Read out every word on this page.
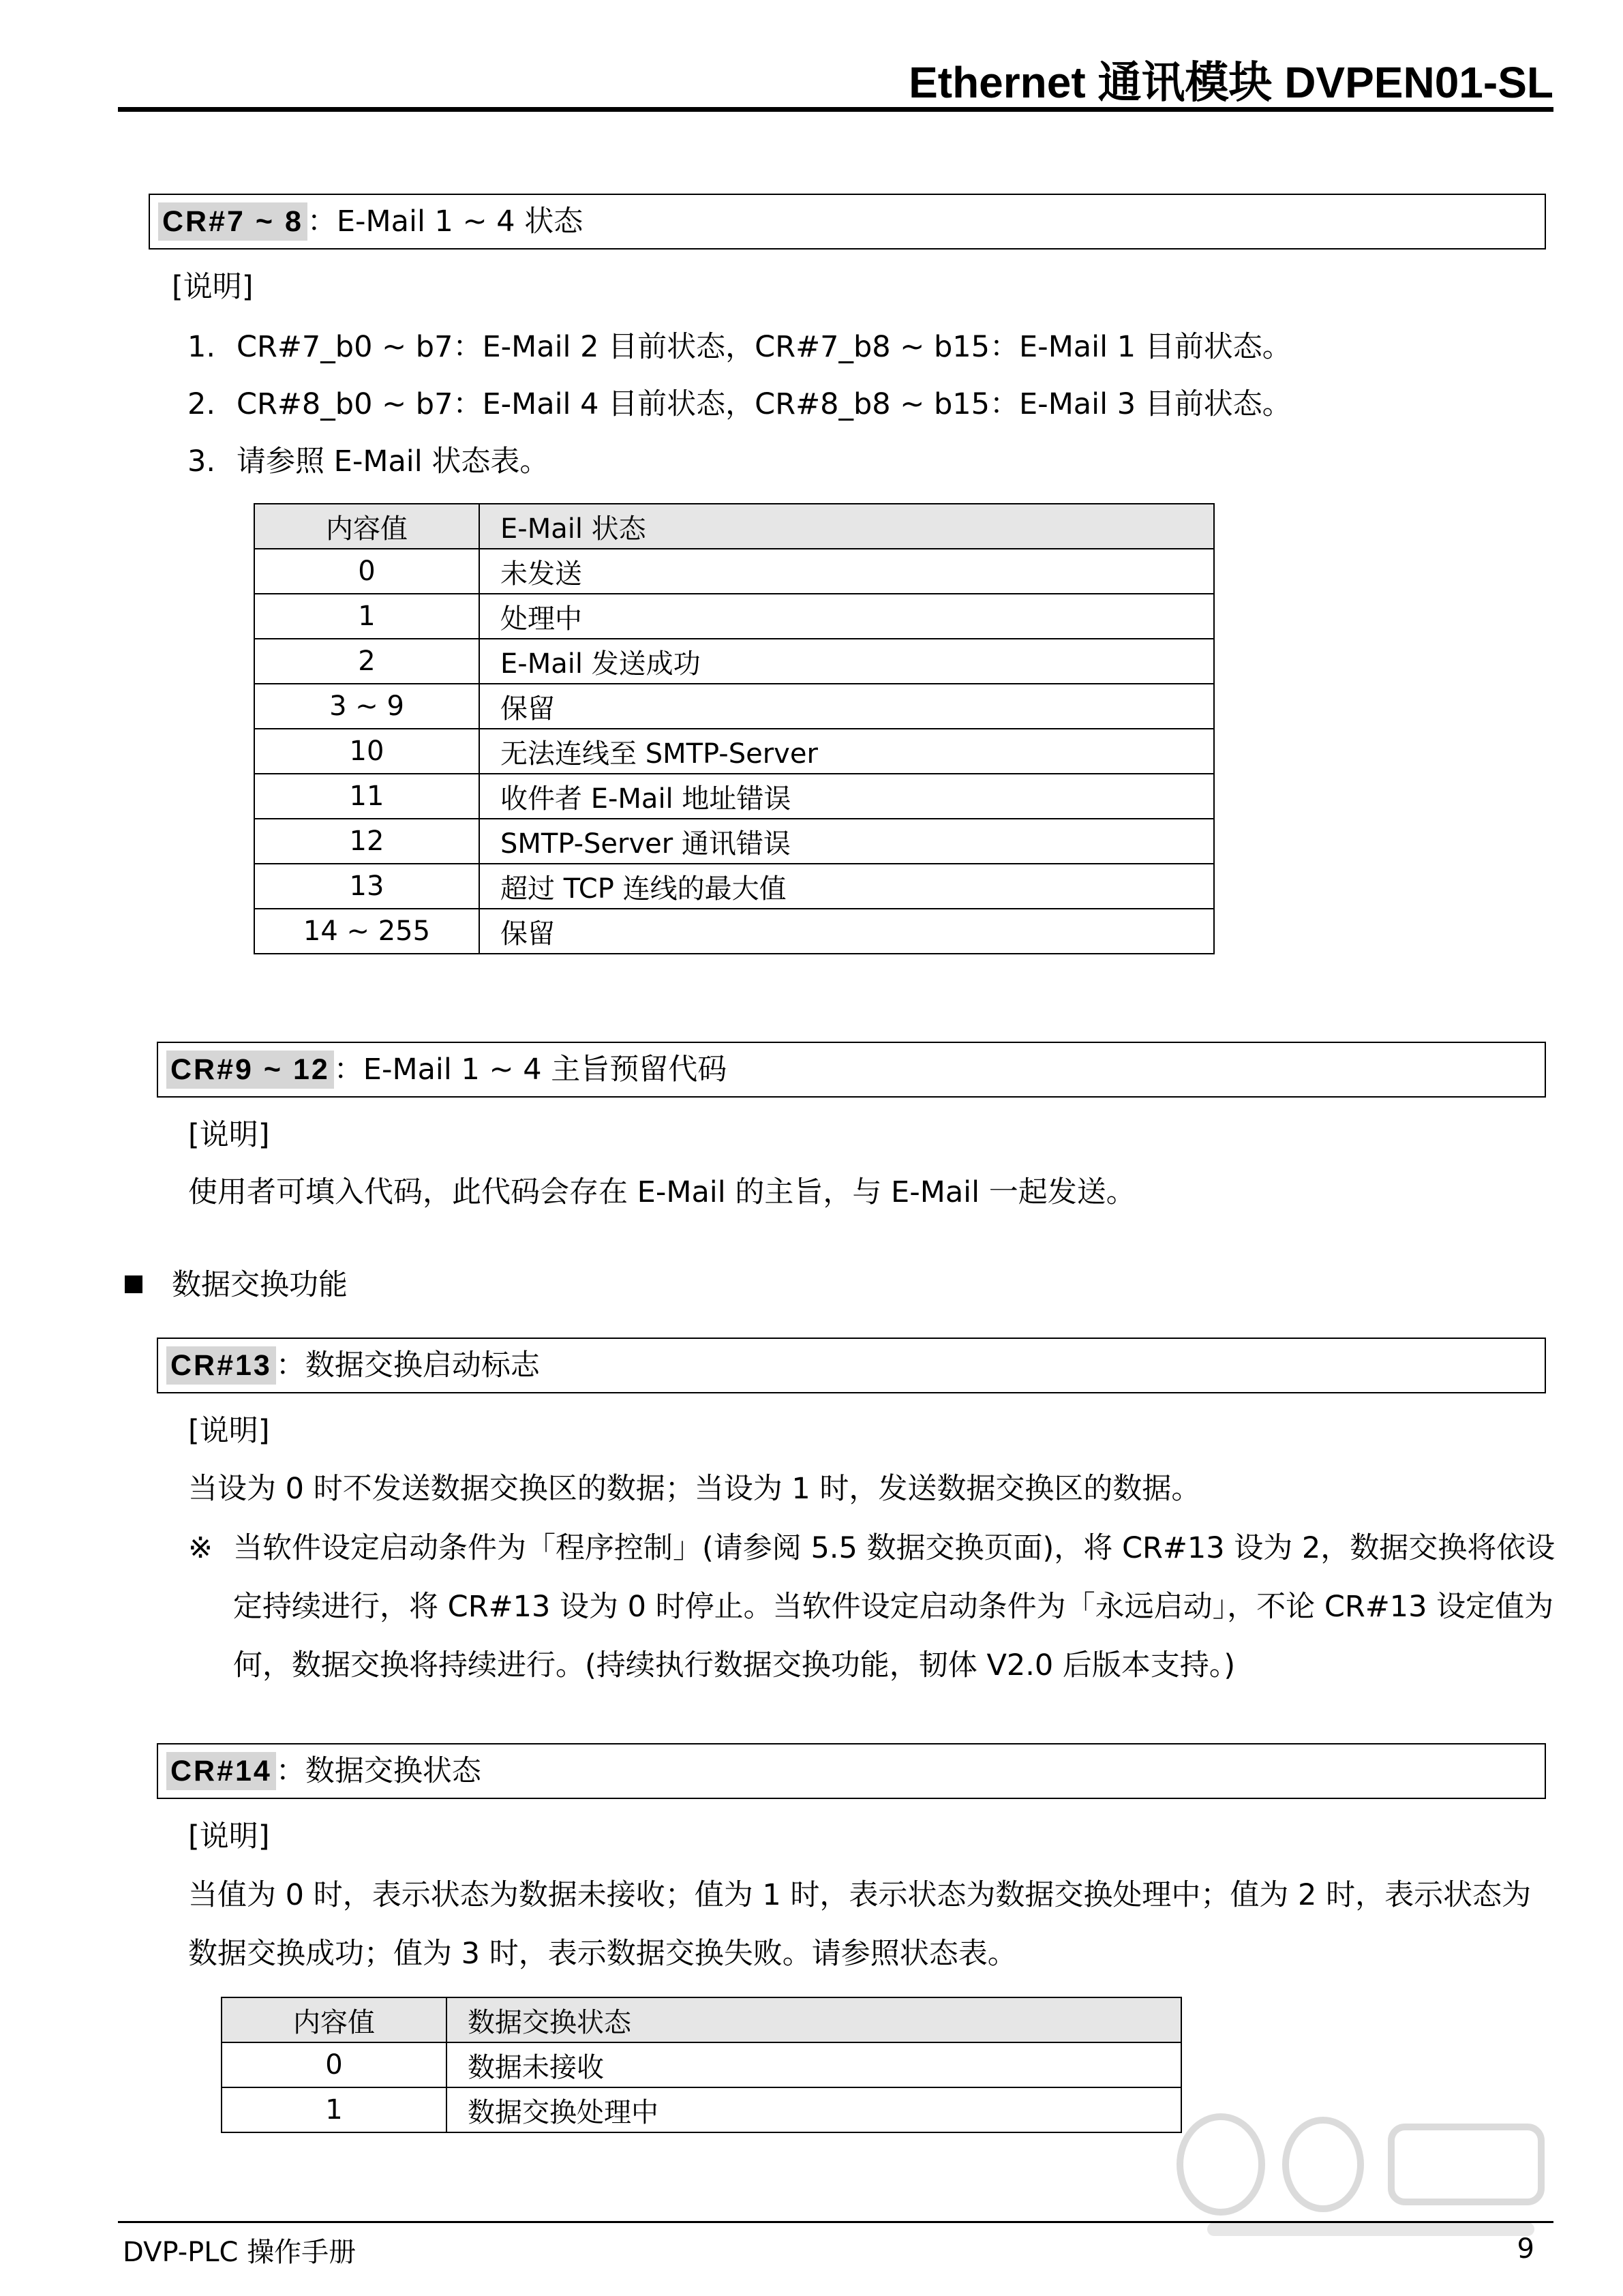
Ethernet 通讯模块 DVPEN01-SL
CR#7 ~ 8 ：E-Mail 1 ~ 4 状态
[说明]
1. CR#7_b0 ~ b7：E-Mail 2 目前状态，CR#7_b8 ~ b15：E-Mail 1 目前状态。
2. CR#8_b0 ~ b7：E-Mail 4 目前状态，CR#8_b8 ~ b15：E-Mail 3 目前状态。
3. 请参照 E-Mail 状态表。
内容值	E-Mail 状态
0	未发送
1	处理中
2	E-Mail 发送成功
3 ~ 9	保留
10	无法连线至 SMTP-Server
11	收件者 E-Mail 地址错误
12	SMTP-Server 通讯错误
13	超过 TCP 连线的最大值
14 ~ 255	保留
CR#9 ~ 12 ：E-Mail 1 ~ 4 主旨预留代码
[说明]
使用者可填入代码，此代码会存在 E-Mail 的主旨，与 E-Mail 一起发送。
数据交换功能
CR#13 ：数据交换启动标志
[说明]
当设为 0 时不发送数据交换区的数据；当设为 1 时，发送数据交换区的数据。
※ 当软件设定启动条件为「程序控制」(请参阅 5.5 数据交换页面)，将 CR#13 设为 2，数据交换将依设
定持续进行，将 CR#13 设为 0 时停止。当软件设定启动条件为「永远启动」，不论 CR#13 设定值为
何，数据交换将持续进行。(持续执行数据交换功能，韧体 V2.0 后版本支持。)
CR#14 ：数据交换状态
[说明]
当值为 0 时，表示状态为数据未接收；值为 1 时，表示状态为数据交换处理中；值为 2 时，表示状态为
数据交换成功；值为 3 时，表示数据交换失败。请参照状态表。
内容值	数据交换状态
0	数据未接收
1	数据交换处理中
DVP-PLC 操作手册	9
